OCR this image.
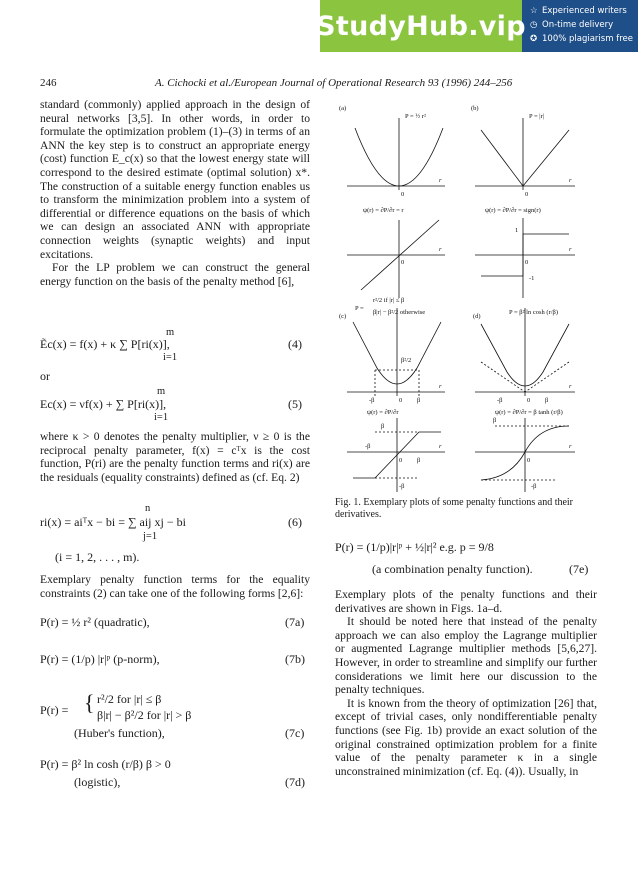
StudyHub.vip ☆ Experienced writers
◷ On-time delivery
✪ 100% plagiarism free
246	A. Cichocki et al./European Journal of Operational Research 93 (1996) 244–256

standard (commonly) applied approach in the design of neural networks [3,5]. In other words, in order to formulate the optimization problem (1)–(3) in terms of an ANN the key step is to construct an appropriate energy (cost) function E_c(x) so that the lowest energy state will correspond to the desired estimate (optimal solution) x*. The construction of a suitable energy function enables us to transform the minimization problem into a system of differential or difference equations on the basis of which we can design an associated ANN with appropriate connection weights (synaptic weights) and input excitations.

For the LP problem we can construct the general energy function on the basis of the penalty method [6],

m
Ẽc(x) = f(x) + κ ∑ P[ri(x)],
i=1
(4)
or
m
Ec(x) = νf(x) + ∑ P[ri(x)],
i=1
(5)

where κ > 0 denotes the penalty multiplier, ν ≥ 0 is the reciprocal penalty parameter, f(x) = cᵀx is the cost function, P(ri) are the penalty function terms and ri(x) are the residuals (equality constraints) defined as (cf. Eq. 2)

n
ri(x) = aiᵀx − bi = ∑ aij xj − bi
j=1
(6)
(i = 1, 2, . . . , m).

Exemplary penalty function terms for the equality constraints (2) can take one of the following forms [2,6]:

P(r) = ½ r² (quadratic),	(7a)
P(r) = (1/p) |r|ᵖ (p-norm),	(7b)
P(r) = { r²/2 for |r| ≤ β
β|r| − β²/2 for |r| > β
(Huber's function),	(7c)
P(r) = β² ln cosh (r/β) β > 0
(logistic),	(7d)
(a)	(b)
P = ½ r²	P = |r|
0
r
0
r
ψ(r) = ∂P/∂r = r	ψ(r) = ∂P/∂r = sign(r)
0
r
0
r
1
-1
(c)	(d)
P =
r²/2 if |r| ≤ β
β|r| − β²/2 otherwise	P = β² ln cosh (r/β)
β²/2
-β	0 β
r
-β	0 β
r
ψ(r) = ∂P/∂r	ψ(r) = ∂P/∂r = β tanh (r/β)
β
-β
0 β
r
-β
β
0
r
-β
Fig. 1. Exemplary plots of some penalty functions and their derivatives.
P(r) = (1/p)|r|ᵖ + ½|r|² e.g. p = 9/8
(a combination penalty function).	(7e)

Exemplary plots of the penalty functions and their derivatives are shown in Figs. 1a–d.

It should be noted here that instead of the penalty approach we can also employ the Lagrange multiplier or augmented Lagrange multiplier methods [5,6,27]. However, in order to streamline and simplify our further considerations we limit here our discussion to the penalty techniques.

It is known from the theory of optimization [26] that, except of trivial cases, only nondifferentiable penalty functions (see Fig. 1b) provide an exact solution of the original constrained optimization problem for a finite value of the penalty parameter κ in a single unconstrained minimization (cf. Eq. (4)). Usually, in
